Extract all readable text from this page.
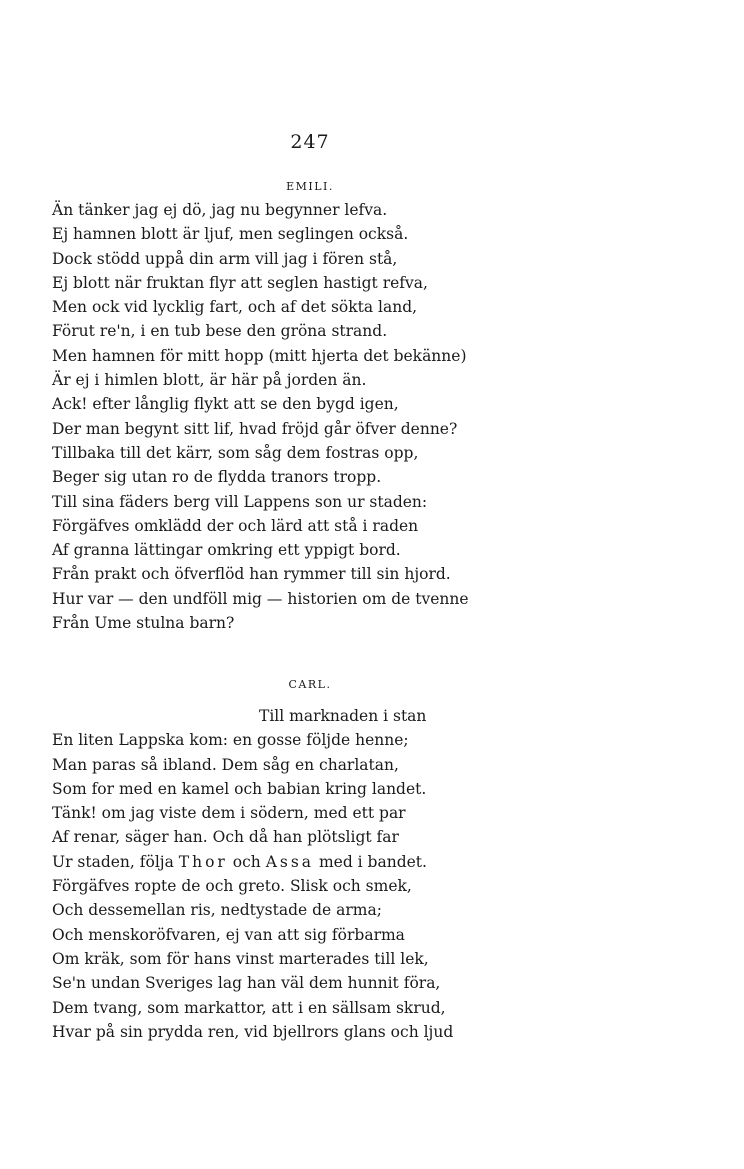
247
EMILI.
Än tänker jag ej dö, jag nu begynner lefva.
Ej hamnen blott är ljuf, men seglingen också.
Dock stödd uppå din arm vill jag i fören stå,
Ej blott när fruktan flyr att seglen hastigt refva,
Men ock vid lycklig fart, och af det sökta land,
Förut re'n, i en tub bese den gröna strand.
Men hamnen för mitt hopp (mitt hjerta det bekänne)
Är ej i himlen blott, är här på jorden än.
Ack! efter långlig flykt att se den bygd igen,
Der man begynt sitt lif, hvad fröjd går öfver denne?
Tillbaka till det kärr, som såg dem fostras opp,
Beger sig utan ro de flydda tranors tropp.
Till sina fäders berg vill Lappens son ur staden:
Förgäfves omklädd der och lärd att stå i raden
Af granna lättingar omkring ett yppigt bord.
Från prakt och öfverflöd han rymmer till sin hjord.
Hur var — den undföll mig — historien om de tvenne
Från Ume stulna barn?
CARL.
Till marknaden i stan
En liten Lappska kom: en gosse följde henne;
Man paras så ibland. Dem såg en charlatan,
Som for med en kamel och babian kring landet.
Tänk! om jag viste dem i södern, med ett par
Af renar, säger han. Och då han plötsligt far
Ur staden, följa Thor och Assa med i bandet.
Förgäfves ropte de och greto. Slisk och smek,
Och dessemellan ris, nedtystade de arma;
Och menskoröfvaren, ej van att sig förbarma
Om kräk, som för hans vinst marterades till lek,
Se'n undan Sveriges lag han väl dem hunnit föra,
Dem tvang, som markattor, att i en sällsam skrud,
Hvar på sin prydda ren, vid bjellrors glans och ljud
